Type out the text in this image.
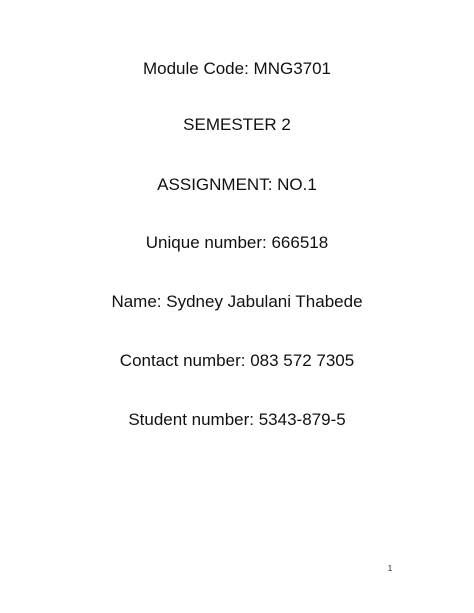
Module Code: MNG3701
SEMESTER 2
ASSIGNMENT: NO.1
Unique number: 666518
Name: Sydney Jabulani Thabede
Contact number: 083 572 7305
Student number: 5343-879-5
1
